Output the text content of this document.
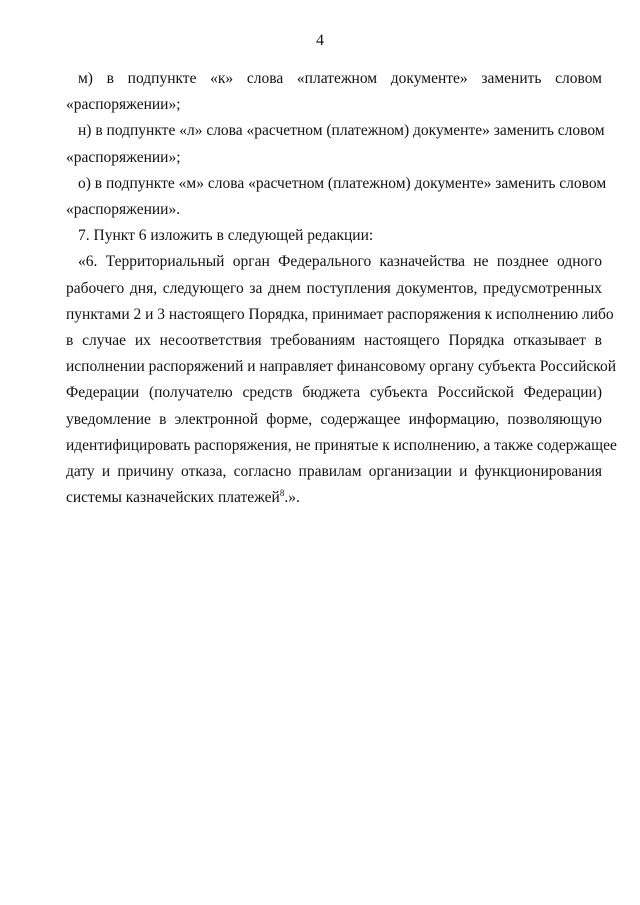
4

м) в подпункте «к» слова «платежном документе» заменить словом
«распоряжении»;

н) в подпункте «л» слова «расчетном (платежном) документе» заменить словом
«распоряжении»;

о) в подпункте «м» слова «расчетном (платежном) документе» заменить словом
«распоряжении».

7. Пункт 6 изложить в следующей редакции:

«6. Территориальный орган Федерального казначейства не позднее одного
рабочего дня, следующего за днем поступления документов, предусмотренных
пунктами 2 и 3 настоящего Порядка, принимает распоряжения к исполнению либо
в случае их несоответствия требованиям настоящего Порядка отказывает в
исполнении распоряжений и направляет финансовому органу субъекта Российской
Федерации (получателю средств бюджета субъекта Российской Федерации)
уведомление в электронной форме, содержащее информацию, позволяющую
идентифицировать распоряжения, не принятые к исполнению, а также содержащее
дату и причину отказа, согласно правилам организации и функционирования
системы казначейских платежей$^8$.».
